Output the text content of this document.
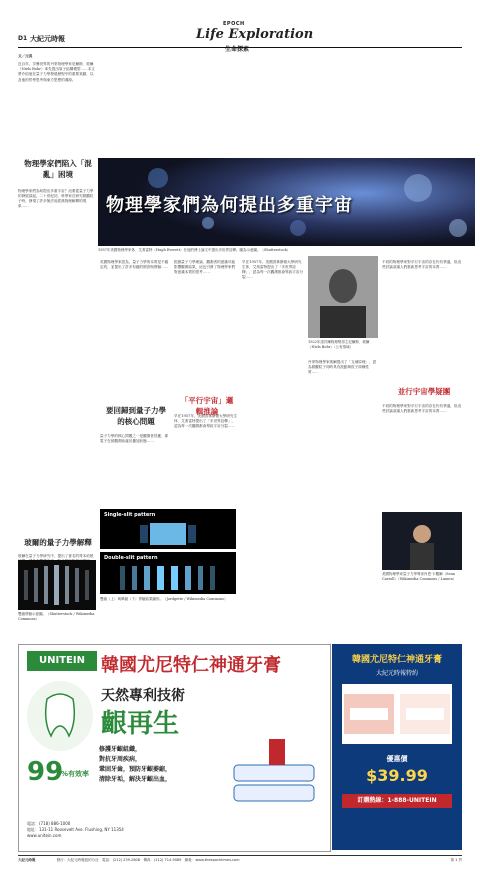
D1 大紀元時報
EPOCH
Life Exploration
生命探索
文／元真

近百年，享譽世界的丹麥物理學家尼爾斯．玻爾（Niels Bohr）率先提出原子結構模型……本文將介紹他在量子力學發展歷程中的重要貢獻，以及他的哲學思考與東方思想的淵源。

物理學家們陷入「混亂」困境

物理學家們為何提出多重宇宙？這要從量子力學的發展談起。二十世紀初，科學家在研究微觀粒子時，發現了許多無法用經典物理解釋的現象……

玻爾的量子力學解釋

玻爾在量子力學研究中，提出了著名的哥本哈根

雙縫實驗示意圖。（Shutterstock / Wikimedia Commons）
物理學家們為何提出多重宇宙
1957年美國物理學家休．艾弗雷特（Hugh Everett）在他的博士論文中提出多世界詮釋。圖為示意圖。（Shutterstock）

英國物理學家認為，量子力學的本質是不確定的，並提出了許多有趣的假設與實驗……

要回歸到量子力學的核心問題

量子力學的核心問題之一是觀測者效應，即電子在被觀測前處於疊加狀態……

Single-slit pattern
Double-slit pattern
雙縫（上）與單縫（下）實驗結果圖形。（Jordgette / Wikimedia Commons）

根據量子力學理論，觀測者的意識可能影響觀測結果，這也引發了物理學家們對意識本質的思考……

「平行宇宙」邏輯推論

早在1957年，美國普林斯頓大學研究生休．艾弗雷特提出了「多世界詮釋」，認為每一次觀測都會導致宇宙分裂……

早在1957年，美國普林斯頓大學研究生休．艾弗雷特提出了「多世界詮釋」，認為每一次觀測都會導致宇宙分裂……

1922年諾貝爾物理獎得主尼爾斯．玻爾（Niels Bohr）（公有領域）

丹麥物理學家玻爾提出了「互補原理」，認為微觀粒子同時具有波動與粒子兩種性質……

不同的物理學家對平行宇宙的存在仍有爭議，但這些討論卻讓人們重新思考宇宙的本質……

並行宇宙學疑團

不同的物理學家對平行宇宙的存在仍有爭議，但這些討論卻讓人們重新思考宇宙的本質……

美國物理學家量子力學專家肖恩·卡羅爾（Sean Carroll）（Wikimedia Commons / Lumen）
UNITEIN 韓國尤尼特仁神通牙膏
天然專利技術
齦再生
99
%有效率
修護牙齦組織，
對抗牙周疾病，
鞏固牙齒，預防牙齦萎縮，
清除牙垢，解決牙齦出血，
電話：(718) 886-1000
地址：131-11 Roosevelt Ave. Flushing, NY 11354
www.unitein.com
韓國尤尼特仁神通牙膏
大紀元時報特約
優惠價
$39.99
訂購熱線：1-888-UNITEIN
大紀元時報	發行：大紀元時報紐約分社　電話：(212) 239-2808　傳真：(212) 714-9089　網址：www.theepochtimes.com	第 1 頁
